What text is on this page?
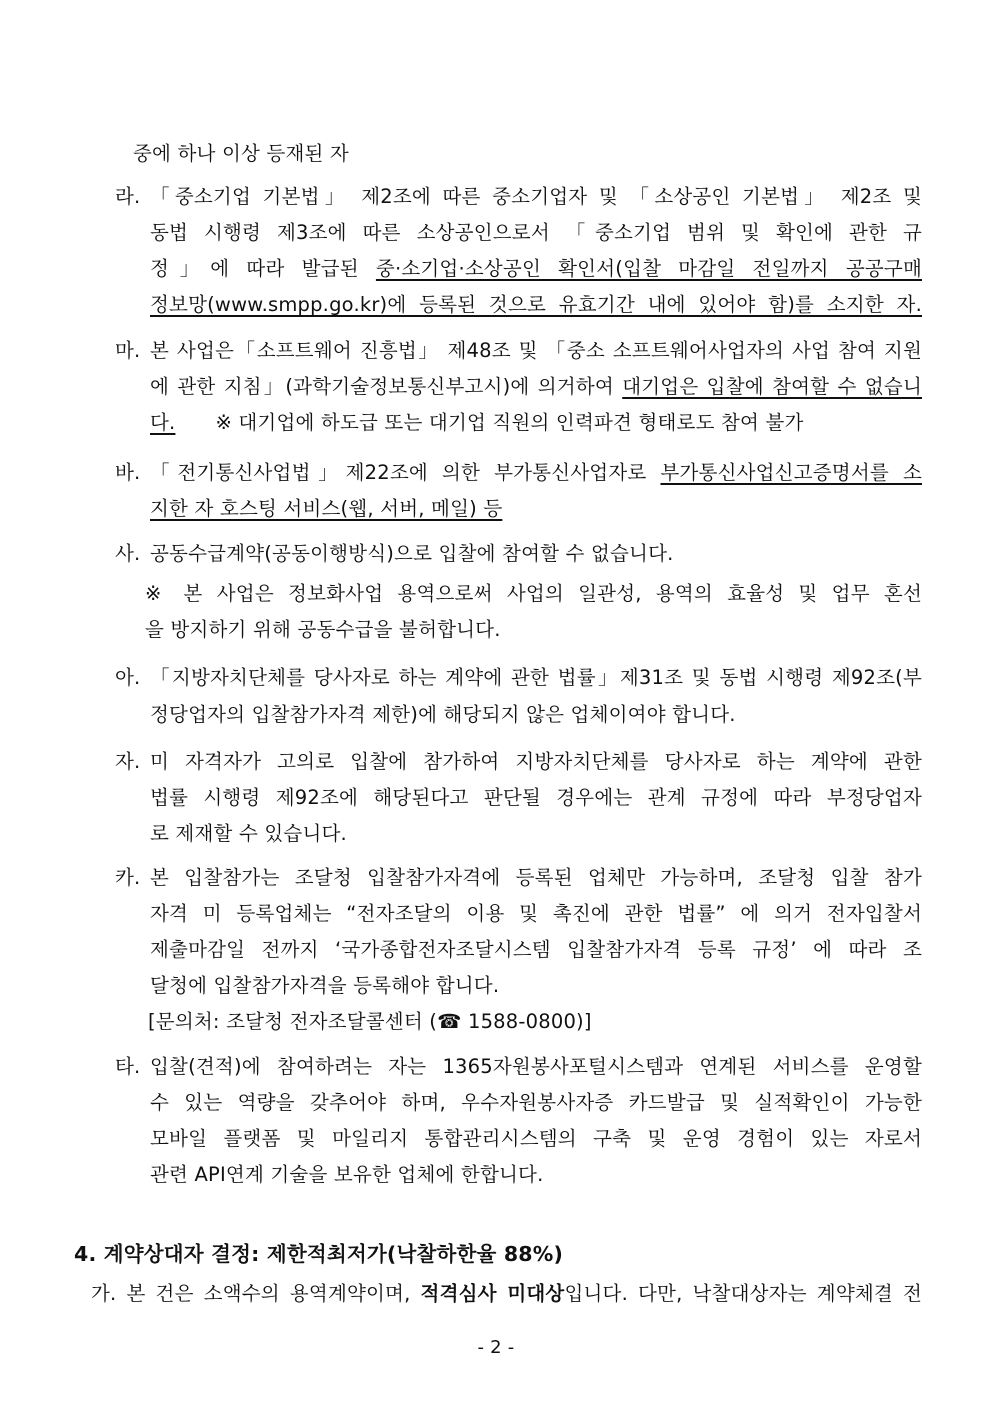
중에 하나 이상 등재된 자
라. 「중소기업 기본법」 제2조에 따른 중소기업자 및 「소상공인 기본법」 제2조 및
동법 시행령 제3조에 따른 소상공인으로서 「중소기업 범위 및 확인에 관한 규
정」에 따라 발급된 중·소기업·소상공인 확인서(입찰 마감일 전일까지 공공구매
정보망(www.smpp.go.kr)에 등록된 것으로 유효기간 내에 있어야 함)를 소지한 자.
마. 본 사업은「소프트웨어 진흥법」 제48조 및 「중소 소프트웨어사업자의 사업 참여 지원
에 관한 지침」(과학기술정보통신부고시)에 의거하여 대기업은 입찰에 참여할 수 없습니
다. ※ 대기업에 하도급 또는 대기업 직원의 인력파견 형태로도 참여 불가
바. 「전기통신사업법」제22조에 의한 부가통신사업자로 부가통신사업신고증명서를 소
지한 자 호스팅 서비스(웹, 서버, 메일) 등
사. 공동수급계약(공동이행방식)으로 입찰에 참여할 수 없습니다.
※ 본 사업은 정보화사업 용역으로써 사업의 일관성, 용역의 효율성 및 업무 혼선
을 방지하기 위해 공동수급을 불허합니다.
아. 「지방자치단체를 당사자로 하는 계약에 관한 법률」제31조 및 동법 시행령 제92조(부
정당업자의 입찰참가자격 제한)에 해당되지 않은 업체이여야 합니다.
자. 미 자격자가 고의로 입찰에 참가하여 지방자치단체를 당사자로 하는 계약에 관한
법률 시행령 제92조에 해당된다고 판단될 경우에는 관계 규정에 따라 부정당업자
로 제재할 수 있습니다.
카. 본 입찰참가는 조달청 입찰참가자격에 등록된 업체만 가능하며, 조달청 입찰 참가
자격 미 등록업체는 “전자조달의 이용 및 촉진에 관한 법률” 에 의거 전자입찰서
제출마감일 전까지 ‘국가종합전자조달시스템 입찰참가자격 등록 규정’ 에 따라 조
달청에 입찰참가자격을 등록해야 합니다.
[문의처: 조달청 전자조달콜센터 (☎ 1588-0800)]
타. 입찰(견적)에 참여하려는 자는 1365자원봉사포털시스템과 연계된 서비스를 운영할
수 있는 역량을 갖추어야 하며, 우수자원봉사자증 카드발급 및 실적확인이 가능한
모바일 플랫폼 및 마일리지 통합관리시스템의 구축 및 운영 경험이 있는 자로서
관련 API연계 기술을 보유한 업체에 한합니다.
4. 계약상대자 결정: 제한적최저가(낙찰하한율 88%)
가. 본 건은 소액수의 용역계약이며, 적격심사 미대상입니다. 다만, 낙찰대상자는 계약체결 전
- 2 -
